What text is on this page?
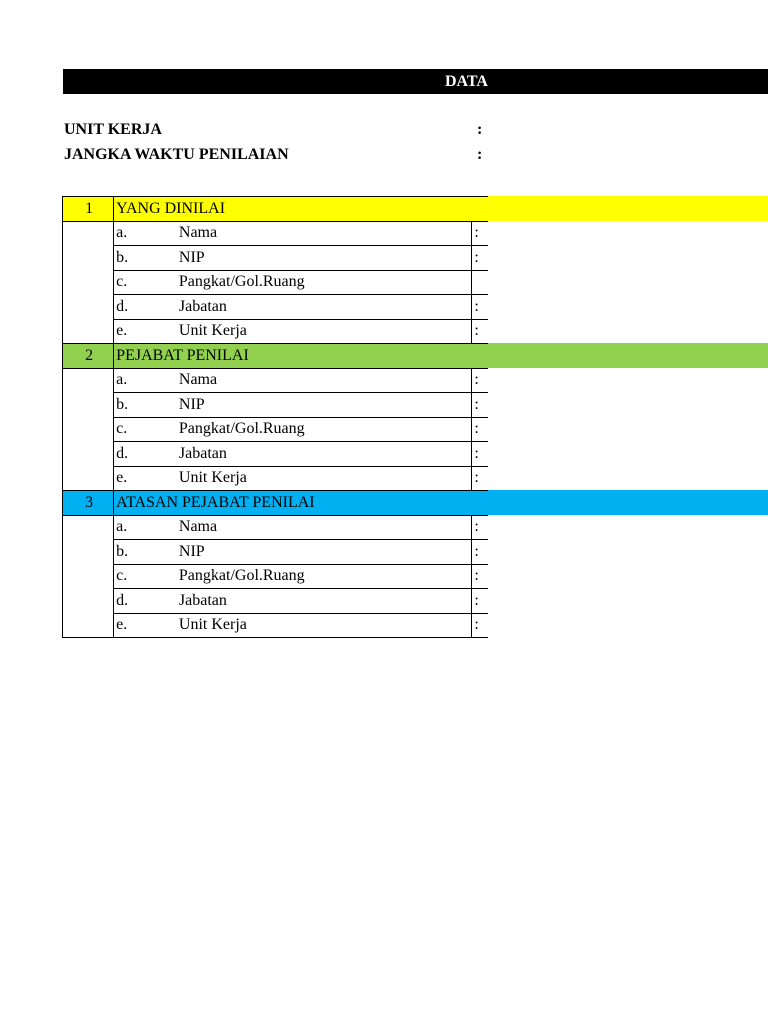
DATA
UNIT KERJA	:
JANGKA WAKTU PENILAIAN	:
1	YANG DINILAI		
	a.	Nama	:
	b.	NIP	:
	c.	Pangkat/Gol.Ruang	
	d.	Jabatan	:
	e.	Unit Kerja	:
2	PEJABAT PENILAI		
	a.	Nama	:
	b.	NIP	:
	c.	Pangkat/Gol.Ruang	:
	d.	Jabatan	:
	e.	Unit Kerja	:
3	ATASAN PEJABAT PENILAI		
	a.	Nama	:
	b.	NIP	:
	c.	Pangkat/Gol.Ruang	:
	d.	Jabatan	:
	e.	Unit Kerja	:
